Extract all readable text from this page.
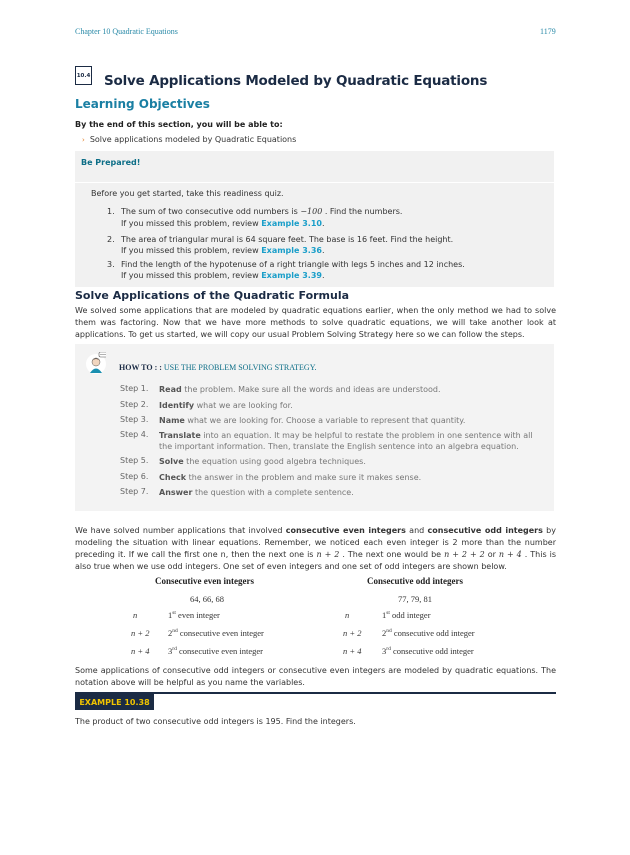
Chapter 10 Quadratic Equations	1179
10.4 Solve Applications Modeled by Quadratic Equations
Learning Objectives
By the end of this section, you will be able to:
› Solve applications modeled by Quadratic Equations
Be Prepared!
Before you get started, take this readiness quiz.
1. The sum of two consecutive odd numbers is −100 . Find the numbers.
If you missed this problem, review Example 3.10.
2. The area of triangular mural is 64 square feet. The base is 16 feet. Find the height.
If you missed this problem, review Example 3.36.
3. Find the length of the hypotenuse of a right triangle with legs 5 inches and 12 inches.
If you missed this problem, review Example 3.39.
Solve Applications of the Quadratic Formula
We solved some applications that are modeled by quadratic equations earlier, when the only method we had to solve them was factoring. Now that we have more methods to solve quadratic equations, we will take another look at applications. To get us started, we will copy our usual Problem Solving Strategy here so we can follow the steps.
HOW TO : : USE THE PROBLEM SOLVING STRATEGY.
Step 1. Read the problem. Make sure all the words and ideas are understood.
Step 2. Identify what we are looking for.
Step 3. Name what we are looking for. Choose a variable to represent that quantity.
Step 4. Translate into an equation. It may be helpful to restate the problem in one sentence with all the important information. Then, translate the English sentence into an algebra equation.
Step 5. Solve the equation using good algebra techniques.
Step 6. Check the answer in the problem and make sure it makes sense.
Step 7. Answer the question with a complete sentence.
We have solved number applications that involved consecutive even integers and consecutive odd integers by modeling the situation with linear equations. Remember, we noticed each even integer is 2 more than the number preceding it. If we call the first one n, then the next one is n + 2 . The next one would be n + 2 + 2 or n + 4 . This is also true when we use odd integers. One set of even integers and one set of odd integers are shown below.
Consecutive even integers	Consecutive odd integers
64, 66, 68	77, 79, 81
n	1st even integer	n	1st odd integer
n + 2 2nd consecutive even integer	n + 2 2nd consecutive odd integer
n + 4 3rd consecutive even integer	n + 4 3rd consecutive odd integer
Some applications of consecutive odd integers or consecutive even integers are modeled by quadratic equations. The notation above will be helpful as you name the variables.
EXAMPLE 10.38
The product of two consecutive odd integers is 195. Find the integers.
